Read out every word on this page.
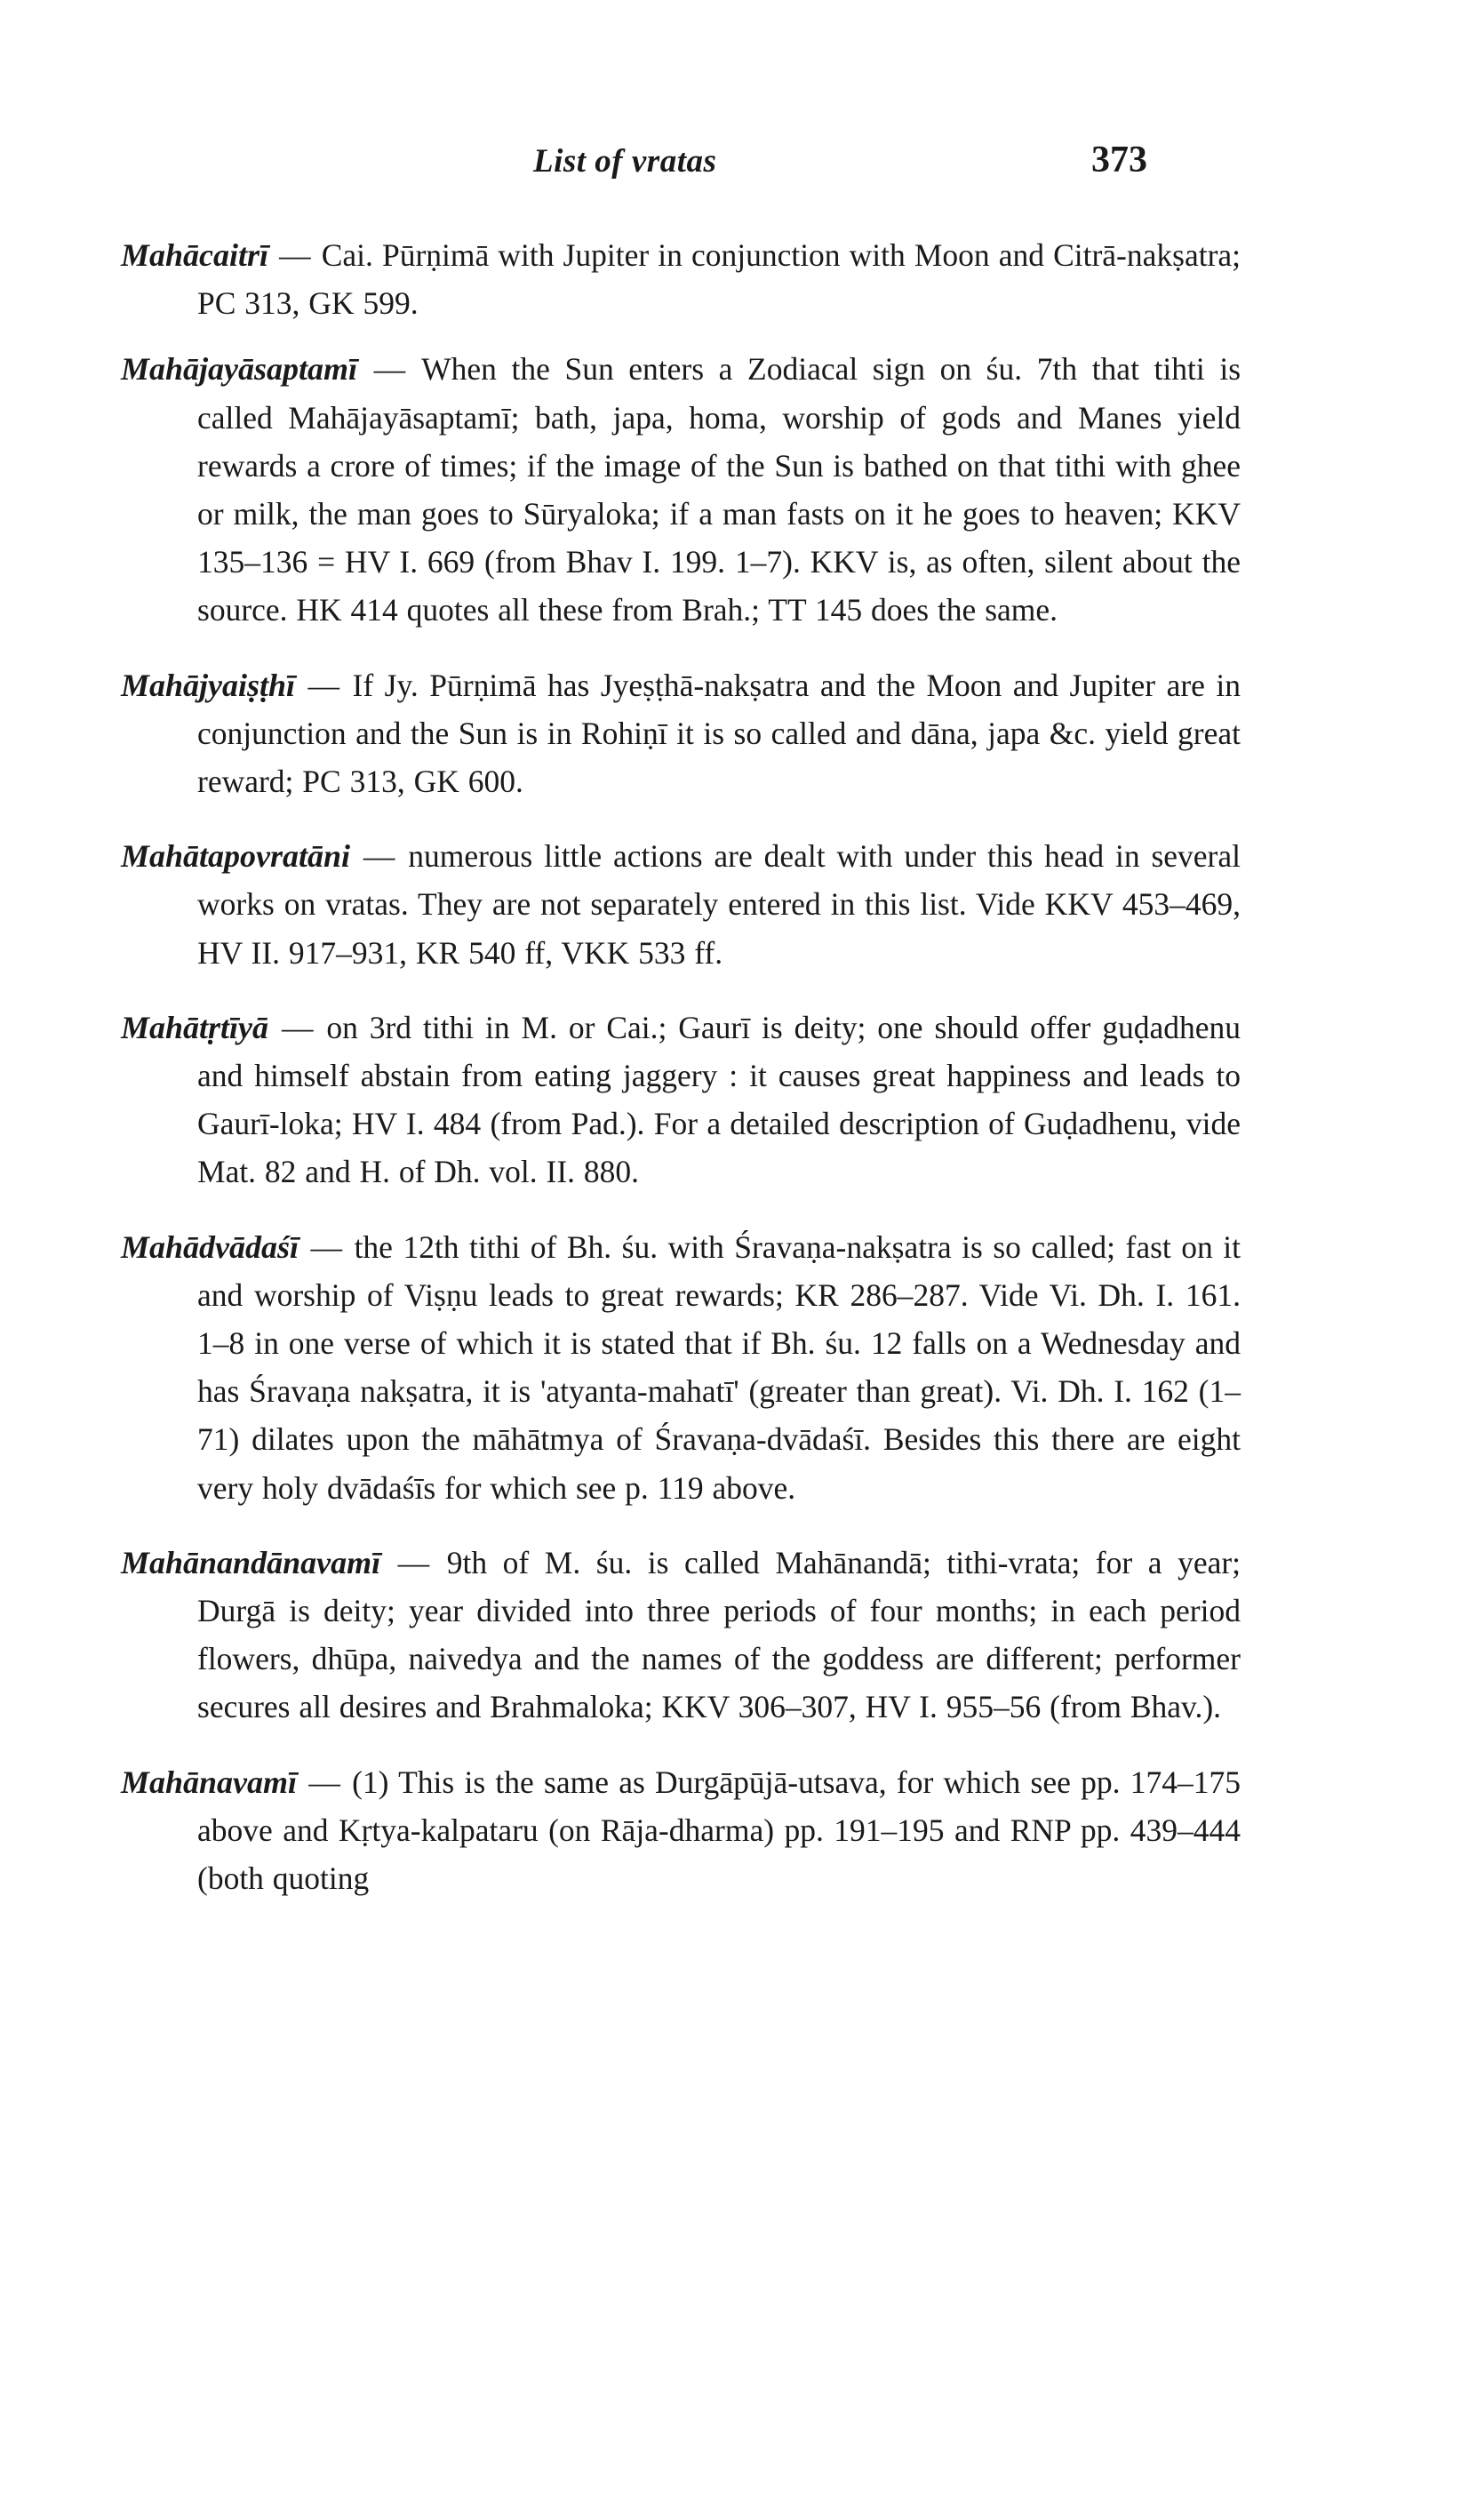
List of vratas	373

Mahācaitrī — Cai. Pūrṇimā with Jupiter in conjunction with Moon and Citrā-nakṣatra; PC 313, GK 599.

Mahājayāsaptamī — When the Sun enters a Zodiacal sign on śu. 7th that tihti is called Mahājayāsaptamī; bath, japa, homa, worship of gods and Manes yield rewards a crore of times; if the image of the Sun is bathed on that tithi with ghee or milk, the man goes to Sūryaloka; if a man fasts on it he goes to heaven; KKV 135–136 = HV I. 669 (from Bhav I. 199. 1–7). KKV is, as often, silent about the source. HK 414 quotes all these from Brah.; TT 145 does the same.

Mahājyaiṣṭhī — If Jy. Pūrṇimā has Jyeṣṭhā-nakṣatra and the Moon and Jupiter are in conjunction and the Sun is in Rohiṇī it is so called and dāna, japa &c. yield great reward; PC 313, GK 600.

Mahātapovratāni — numerous little actions are dealt with under this head in several works on vratas. They are not separately entered in this list. Vide KKV 453–469, HV II. 917–931, KR 540 ff, VKK 533 ff.

Mahātṛtīyā — on 3rd tithi in M. or Cai.; Gaurī is deity; one should offer guḍadhenu and himself abstain from eating jaggery : it causes great happiness and leads to Gaurī-loka; HV I. 484 (from Pad.). For a detailed description of Guḍadhenu, vide Mat. 82 and H. of Dh. vol. II. 880.

Mahādvādaśī — the 12th tithi of Bh. śu. with Śravaṇa-nakṣatra is so called; fast on it and worship of Viṣṇu leads to great rewards; KR 286–287. Vide Vi. Dh. I. 161. 1–8 in one verse of which it is stated that if Bh. śu. 12 falls on a Wednesday and has Śravaṇa nakṣatra, it is 'atyanta-mahatī' (greater than great). Vi. Dh. I. 162 (1–71) dilates upon the māhātmya of Śravaṇa-dvādaśī. Besides this there are eight very holy dvādaśīs for which see p. 119 above.

Mahānandānavamī — 9th of M. śu. is called Mahānandā; tithi-vrata; for a year; Durgā is deity; year divided into three periods of four months; in each period flowers, dhūpa, naivedya and the names of the goddess are different; performer secures all desires and Brahmaloka; KKV 306–307, HV I. 955–56 (from Bhav.).

Mahānavamī — (1) This is the same as Durgāpūjā-utsava, for which see pp. 174–175 above and Kṛtya-kalpataru (on Rāja-dharma) pp. 191–195 and RNP pp. 439–444 (both quoting
